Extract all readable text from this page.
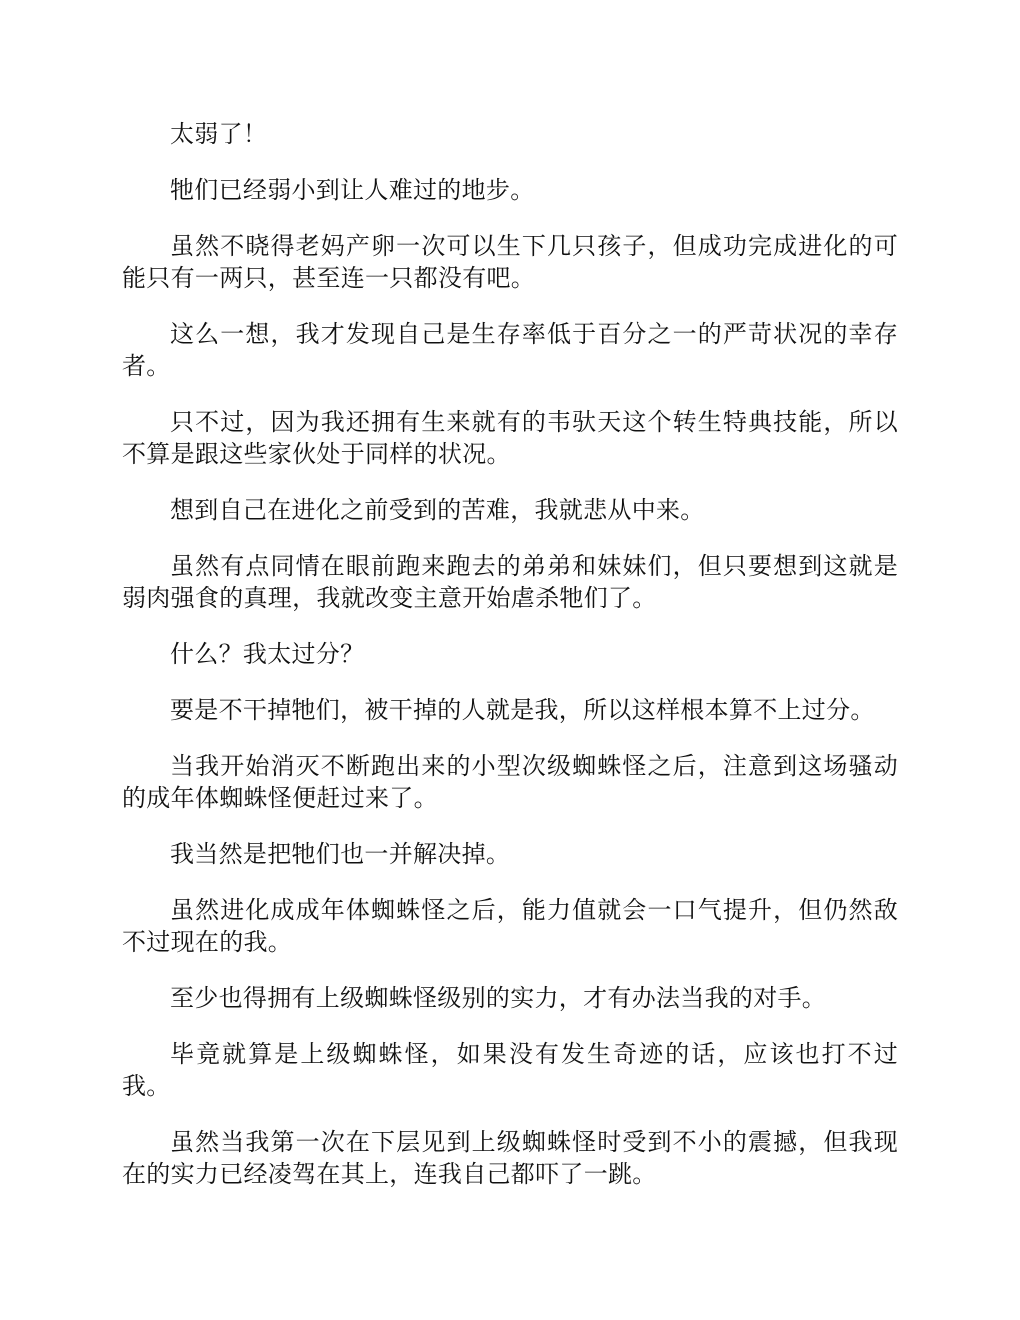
太弱了！

牠们已经弱小到让人难过的地步。

虽然不晓得老妈产卵一次可以生下几只孩子，但成功完成进化的可能只有一两只，甚至连一只都没有吧。

这么一想，我才发现自己是生存率低于百分之一的严苛状况的幸存者。

只不过，因为我还拥有生来就有的韦驮天这个转生特典技能，所以不算是跟这些家伙处于同样的状况。

想到自己在进化之前受到的苦难，我就悲从中来。

虽然有点同情在眼前跑来跑去的弟弟和妹妹们，但只要想到这就是弱肉强食的真理，我就改变主意开始虐杀牠们了。

什么？我太过分？

要是不干掉牠们，被干掉的人就是我，所以这样根本算不上过分。

当我开始消灭不断跑出来的小型次级蜘蛛怪之后，注意到这场骚动的成年体蜘蛛怪便赶过来了。

我当然是把牠们也一并解决掉。

虽然进化成成年体蜘蛛怪之后，能力值就会一口气提升，但仍然敌不过现在的我。

至少也得拥有上级蜘蛛怪级别的实力，才有办法当我的对手。

毕竟就算是上级蜘蛛怪，如果没有发生奇迹的话，应该也打不过我。

虽然当我第一次在下层见到上级蜘蛛怪时受到不小的震撼，但我现在的实力已经凌驾在其上，连我自己都吓了一跳。
